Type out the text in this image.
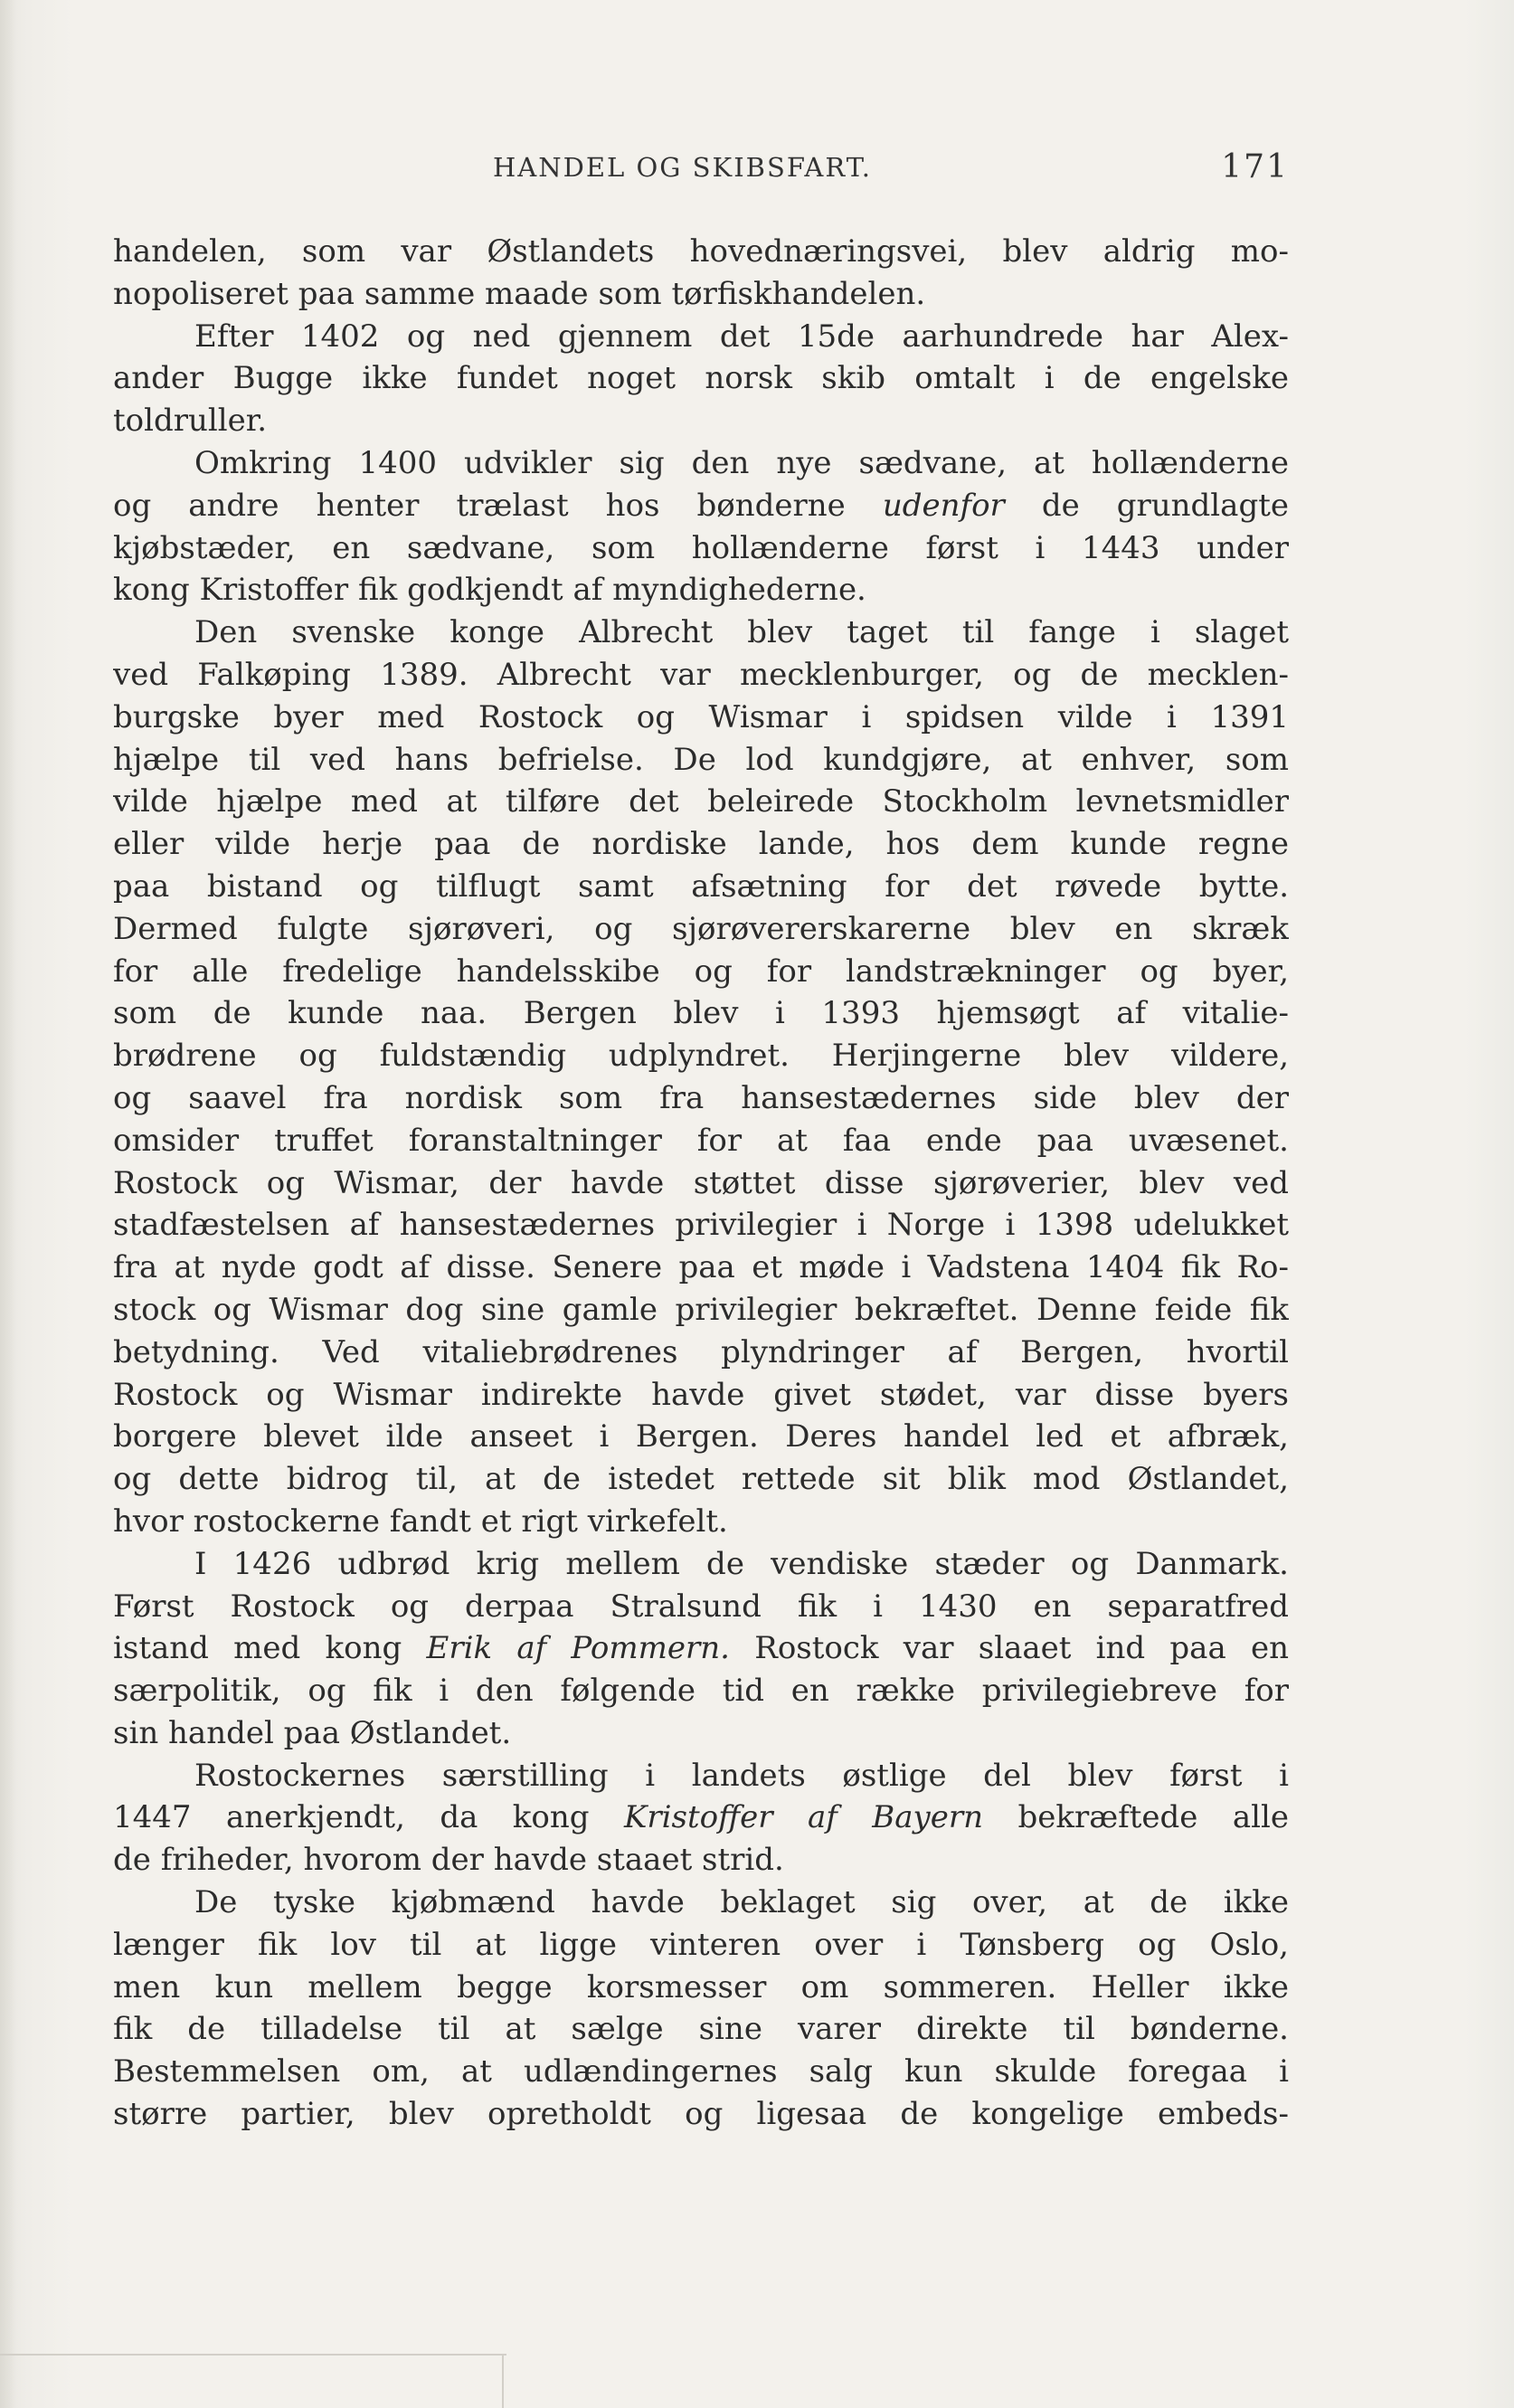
HANDEL OG SKIBSFART.	171
handelen, som var Østlandets hovednæringsvei, blev aldrig mo-
nopoliseret paa samme maade som tørfiskhandelen.
Efter 1402 og ned gjennem det 15de aarhundrede har Alex-
ander Bugge ikke fundet noget norsk skib omtalt i de engelske
toldruller.
Omkring 1400 udvikler sig den nye sædvane, at hollænderne
og andre henter trælast hos bønderne udenfor de grundlagte
kjøbstæder, en sædvane, som hollænderne først i 1443 under
kong Kristoffer fik godkjendt af myndighederne.
Den svenske konge Albrecht blev taget til fange i slaget
ved Falkøping 1389. Albrecht var mecklenburger, og de mecklen-
burgske byer med Rostock og Wismar i spidsen vilde i 1391
hjælpe til ved hans befrielse. De lod kundgjøre, at enhver, som
vilde hjælpe med at tilføre det beleirede Stockholm levnetsmidler
eller vilde herje paa de nordiske lande, hos dem kunde regne
paa bistand og tilflugt samt afsætning for det røvede bytte.
Dermed fulgte sjørøveri, og sjørøvererskarerne blev en skræk
for alle fredelige handelsskibe og for landstrækninger og byer,
som de kunde naa. Bergen blev i 1393 hjemsøgt af vitalie-
brødrene og fuldstændig udplyndret. Herjingerne blev vildere,
og saavel fra nordisk som fra hansestædernes side blev der
omsider truffet foranstaltninger for at faa ende paa uvæsenet.
Rostock og Wismar, der havde støttet disse sjørøverier, blev ved
stadfæstelsen af hansestædernes privilegier i Norge i 1398 udelukket
fra at nyde godt af disse. Senere paa et møde i Vadstena 1404 fik Ro-
stock og Wismar dog sine gamle privilegier bekræftet. Denne feide fik
betydning. Ved vitaliebrødrenes plyndringer af Bergen, hvortil
Rostock og Wismar indirekte havde givet stødet, var disse byers
borgere blevet ilde anseet i Bergen. Deres handel led et afbræk,
og dette bidrog til, at de istedet rettede sit blik mod Østlandet,
hvor rostockerne fandt et rigt virkefelt.
I 1426 udbrød krig mellem de vendiske stæder og Danmark.
Først Rostock og derpaa Stralsund fik i 1430 en separatfred
istand med kong Erik af Pommern. Rostock var slaaet ind paa en
særpolitik, og fik i den følgende tid en række privilegiebreve for
sin handel paa Østlandet.
Rostockernes særstilling i landets østlige del blev først i
1447 anerkjendt, da kong Kristoffer af Bayern bekræftede alle
de friheder, hvorom der havde staaet strid.
De tyske kjøbmænd havde beklaget sig over, at de ikke
længer fik lov til at ligge vinteren over i Tønsberg og Oslo,
men kun mellem begge korsmesser om sommeren. Heller ikke
fik de tilladelse til at sælge sine varer direkte til bønderne.
Bestemmelsen om, at udlændingernes salg kun skulde foregaa i
større partier, blev opretholdt og ligesaa de kongelige embeds-
